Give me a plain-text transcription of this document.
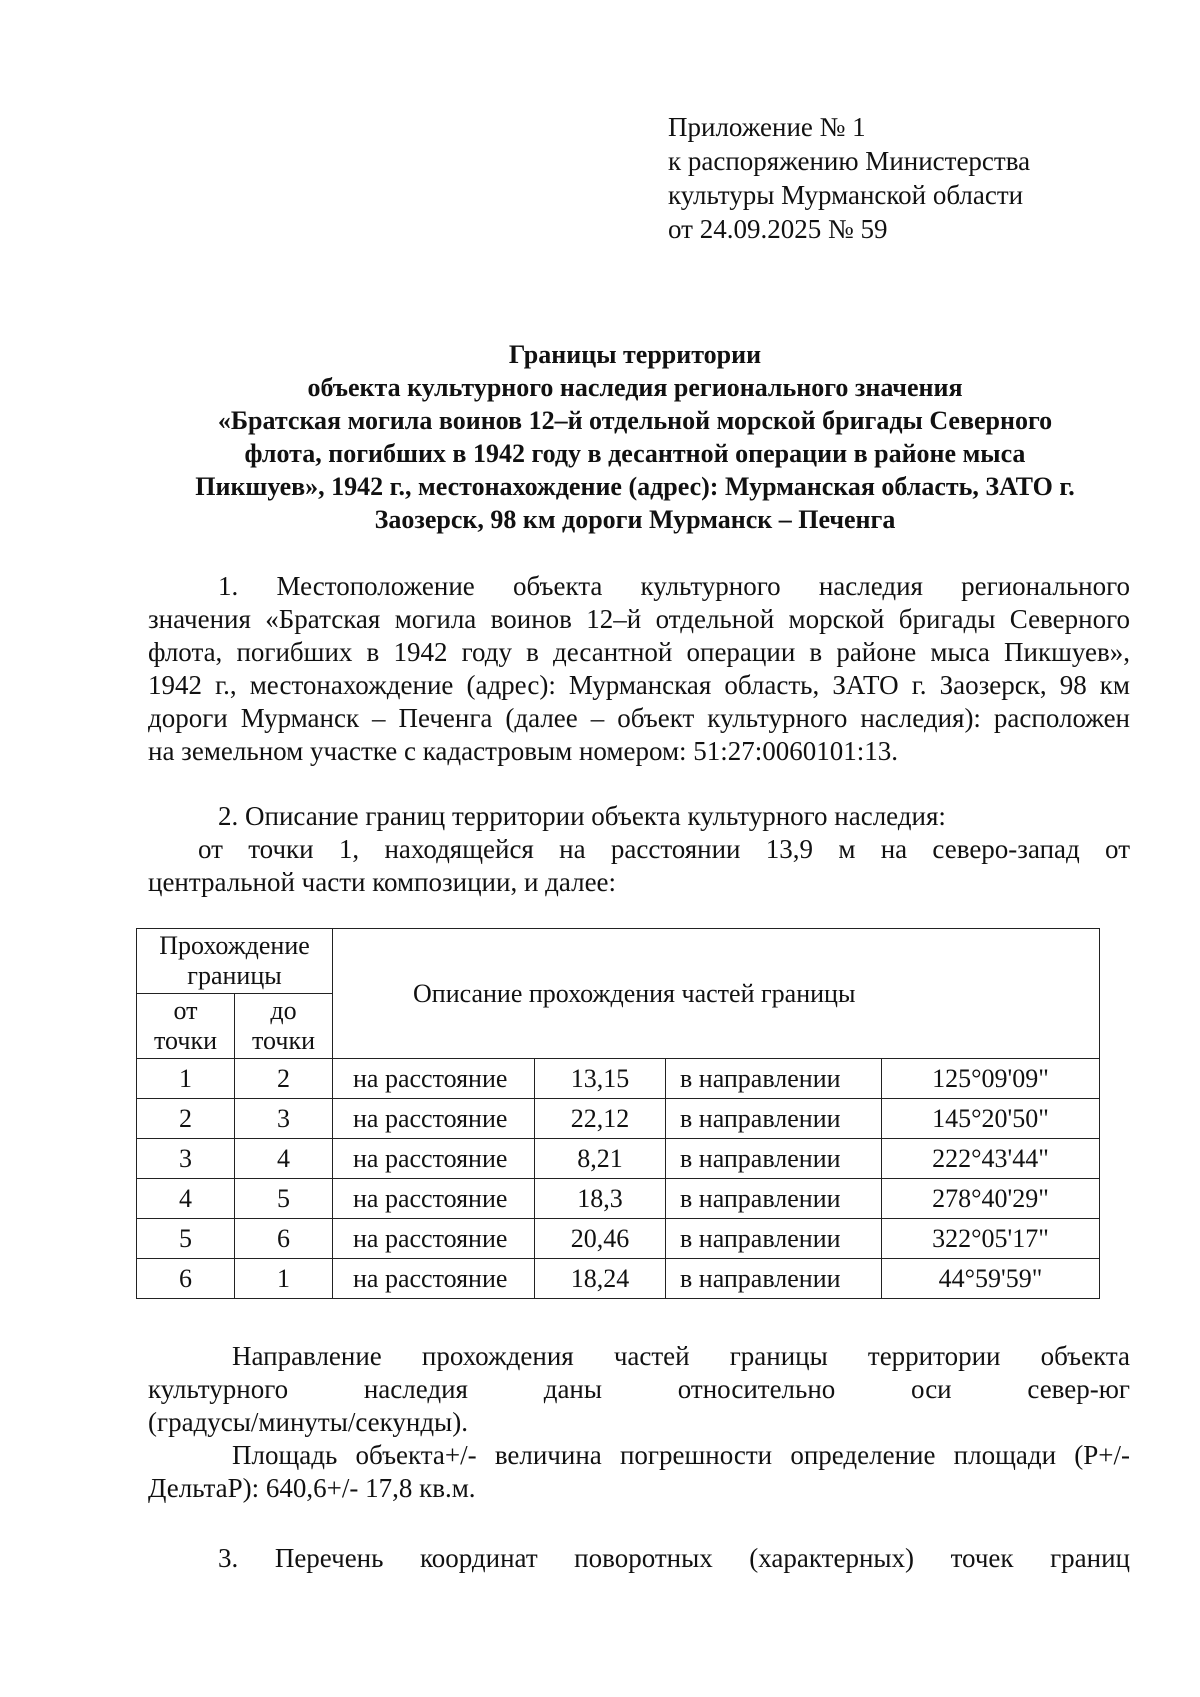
Приложение № 1
к распоряжению Министерства
культуры Мурманской области
от 24.09.2025 № 59
Границы территории
объекта культурного наследия регионального значения
«Братская могила воинов 12–й отдельной морской бригады Северного
флота, погибших в 1942 году в десантной операции в районе мыса
Пикшуев», 1942 г., местонахождение (адрес): Мурманская область, ЗАТО г.
Заозерск, 98 км дороги Мурманск – Печенга
1. Местоположение объекта культурного наследия регионального
значения «Братская могила воинов 12–й отдельной морской бригады Северного
флота, погибших в 1942 году в десантной операции в районе мыса Пикшуев»,
1942 г., местонахождение (адрес): Мурманская область, ЗАТО г. Заозерск, 98 км
дороги Мурманск – Печенга (далее – объект культурного наследия): расположен
на земельном участке с кадастровым номером: 51:27:0060101:13.
2. Описание границ территории объекта культурного наследия:
от точки 1, находящейся на расстоянии 13,9 м на северо-запад от
центральной части композиции, и далее:
Прохождение границы		Описание прохождения частей границы			
от точки	до точки				
1	2	на расстояние	13,15	в направлении	125°09'09"
2	3	на расстояние	22,12	в направлении	145°20'50"
3	4	на расстояние	8,21	в направлении	222°43'44"
4	5	на расстояние	18,3	в направлении	278°40'29"
5	6	на расстояние	20,46	в направлении	322°05'17"
6	1	на расстояние	18,24	в направлении	44°59'59"
Направление прохождения частей границы территории объекта
культурного наследия даны относительно оси север-юг
(градусы/минуты/секунды).
Площадь объекта+/- величина погрешности определение площади (Р+/-
ДельтаР): 640,6+/- 17,8 кв.м.
3. Перечень координат поворотных (характерных) точек границ
